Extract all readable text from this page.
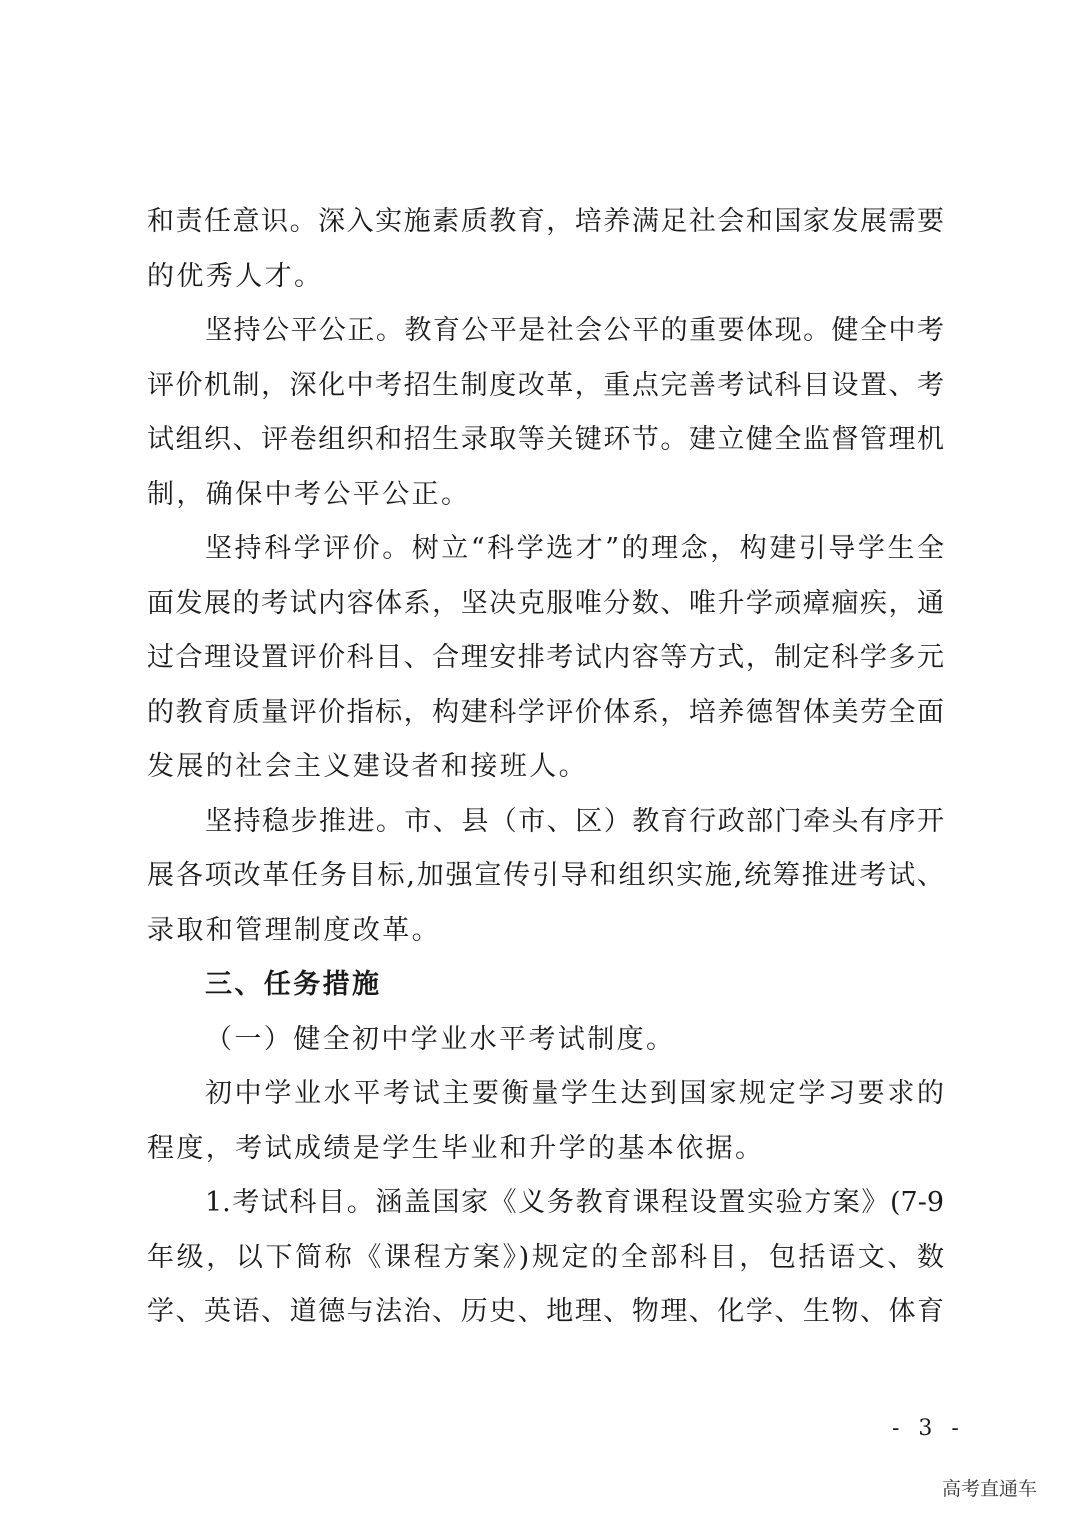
和责任意识。深入实施素质教育，培养满足社会和国家发展需要
的优秀人才。
坚持公平公正。教育公平是社会公平的重要体现。健全中考
评价机制，深化中考招生制度改革，重点完善考试科目设置、考
试组织、评卷组织和招生录取等关键环节。建立健全监督管理机
制，确保中考公平公正。
坚持科学评价。树立“科学选才”的理念，构建引导学生全
面发展的考试内容体系，坚决克服唯分数、唯升学顽瘴痼疾，通
过合理设置评价科目、合理安排考试内容等方式，制定科学多元
的教育质量评价指标，构建科学评价体系，培养德智体美劳全面
发展的社会主义建设者和接班人。
坚持稳步推进。市、县（市、区）教育行政部门牵头有序开
展各项改革任务目标,加强宣传引导和组织实施,统筹推进考试、
录取和管理制度改革。
三、任务措施
（一）健全初中学业水平考试制度。
初中学业水平考试主要衡量学生达到国家规定学习要求的
程度，考试成绩是学生毕业和升学的基本依据。
1.考试科目。涵盖国家《义务教育课程设置实验方案》(7-9
年级，以下简称《课程方案》)规定的全部科目，包括语文、数
学、英语、道德与法治、历史、地理、物理、化学、生物、体育
- 3 -
高考直通车
